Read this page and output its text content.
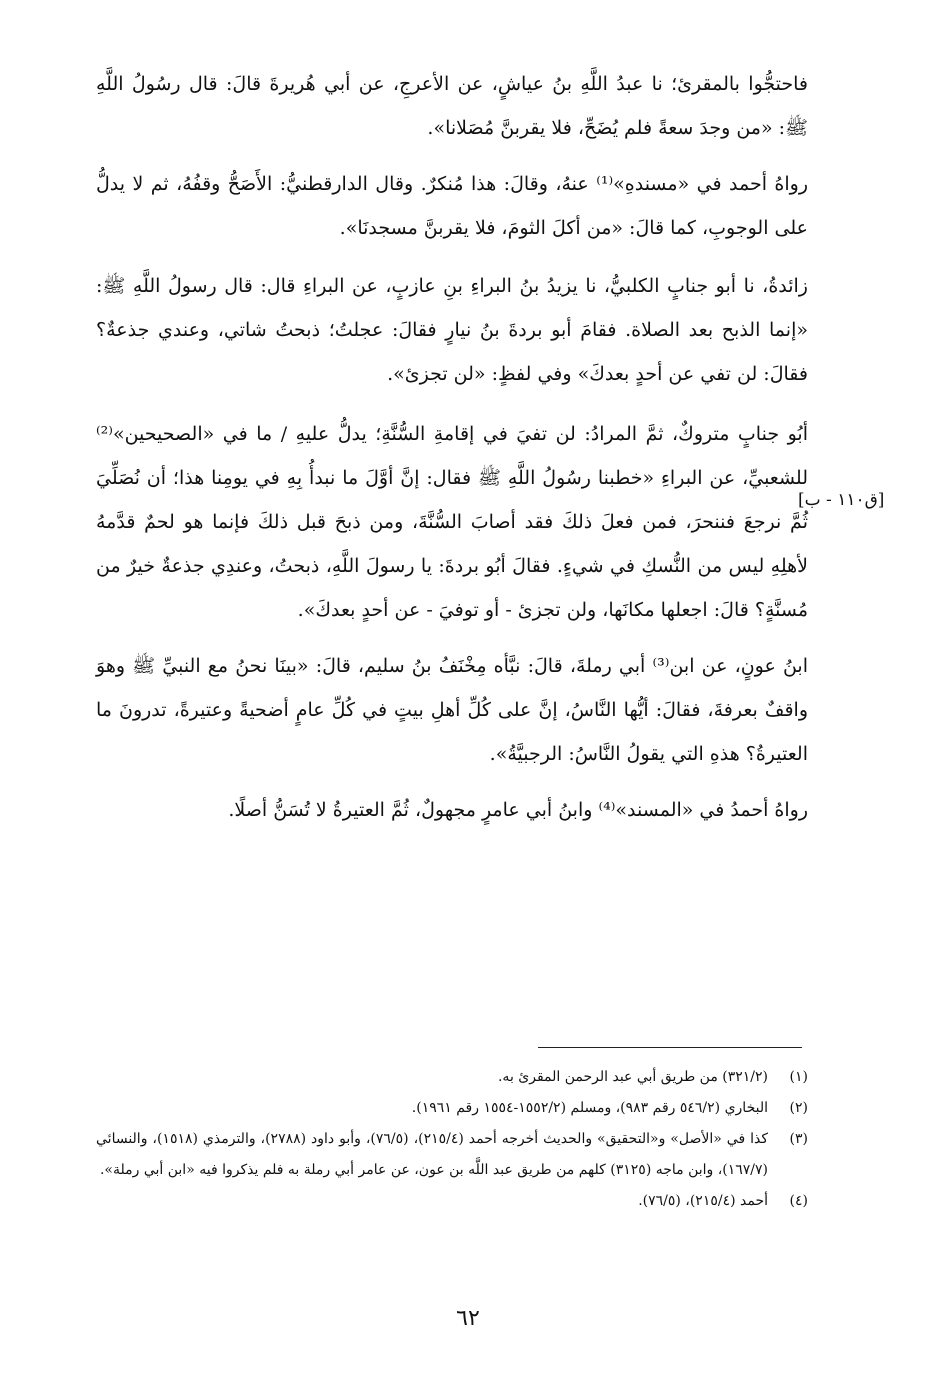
[ق١١٠ - ب]

فاحتجُّوا بالمقرئ؛ نا عبدُ اللَّهِ بنُ عياشٍ، عن الأعرجِ، عن أبي هُريرةَ قالَ: قال رسُولُ اللَّهِ ﷺ: «من وجدَ سعةً فلم يُضَحِّ، فلا يقربنَّ مُصَلانا».

رواهُ أحمد في «مسندهِ»⁽¹⁾ عنهُ، وقالَ: هذا مُنكرٌ. وقال الدارقطنيُّ: الأَصَحُّ وقفُهُ، ثم لا يدلُّ على الوجوبِ، كما قالَ: «من أكلَ الثومَ، فلا يقربنَّ مسجدنَا».

زائدةُ، نا أبو جنابٍ الكلبيُّ، نا يزيدُ بنُ البراءِ بنِ عازبٍ، عن البراءِ قال: قال رسولُ اللَّهِ ﷺ: «إنما الذبح بعد الصلاة. فقامَ أبو بردةَ بنُ نيارٍ فقالَ: عجلتُ؛ ذبحتُ شاتي، وعندي جذعةٌ؟ فقالَ: لن تفي عن أحدٍ بعدكَ» وفي لفظٍ: «لن تجزئ».

أبُو جنابٍ متروكٌ، ثمَّ المرادُ: لن تفيَ في إقامةِ السُّنَّةِ؛ يدلُّ عليهِ / ما في «الصحيحين»⁽²⁾ للشعبيِّ، عن البراءِ «خطبنا رسُولُ اللَّهِ ﷺ فقال: إنَّ أوَّلَ ما نبدأُ بِهِ في يومِنا هذا؛ أن نُصَلِّيَ ثُمَّ نرجعَ فننحرَ، فمن فعلَ ذلكَ فقد أصابَ السُّنَّةَ، ومن ذبحَ قبل ذلكَ فإنما هو لحمٌ قدَّمهُ لأهلِهِ ليس من النُّسكِ في شيءٍ. فقالَ أبُو بردةَ: يا رسولَ اللَّهِ، ذبحتُ، وعندِي جذعةٌ خيرٌ من مُسنَّةٍ؟ قالَ: اجعلها مكانَها، ولن تجزئ - أو توفيَ - عن أحدٍ بعدكَ».

ابنُ عونٍ، عن ابن⁽³⁾ أبي رملةَ، قالَ: نبَّأه مِخْنَفُ بنُ سليم، قالَ: «بينَا نحنُ مع النبيِّ ﷺ وهوَ واقفٌ بعرفةَ، فقالَ: أيُّها النَّاسُ، إنَّ على كُلِّ أهلِ بيتٍ في كُلِّ عامٍ أضحيةً وعتيرةً، تدرونَ ما العتيرةُ؟ هذهِ التي يقولُ النَّاسُ: الرجبيَّةُ».

رواهُ أحمدُ في «المسند»⁽⁴⁾ وابنُ أبي عامرٍ مجهولٌ، ثُمَّ العتيرةُ لا تُسَنُّ أصلًا.

(١)
(٣٢١/٢) من طريق أبي عبد الرحمن المقرئ به.
(٢)
البخاري (٥٤٦/٢ رقم ٩٨٣)، ومسلم (١٥٥٢/٢-١٥٥٤ رقم ١٩٦١).
(٣)
كذا في «الأصل» و«التحقيق» والحديث أخرجه أحمد (٢١٥/٤)، (٧٦/٥)، وأبو داود (٢٧٨٨)، والترمذي (١٥١٨)، والنسائي (١٦٧/٧)، وابن ماجه (٣١٢٥) كلهم من طريق عبد اللَّه بن عون، عن عامر أبي رملة به فلم يذكروا فيه «ابن أبي رملة».
(٤)
أحمد (٢١٥/٤)، (٧٦/٥).
٦٢
